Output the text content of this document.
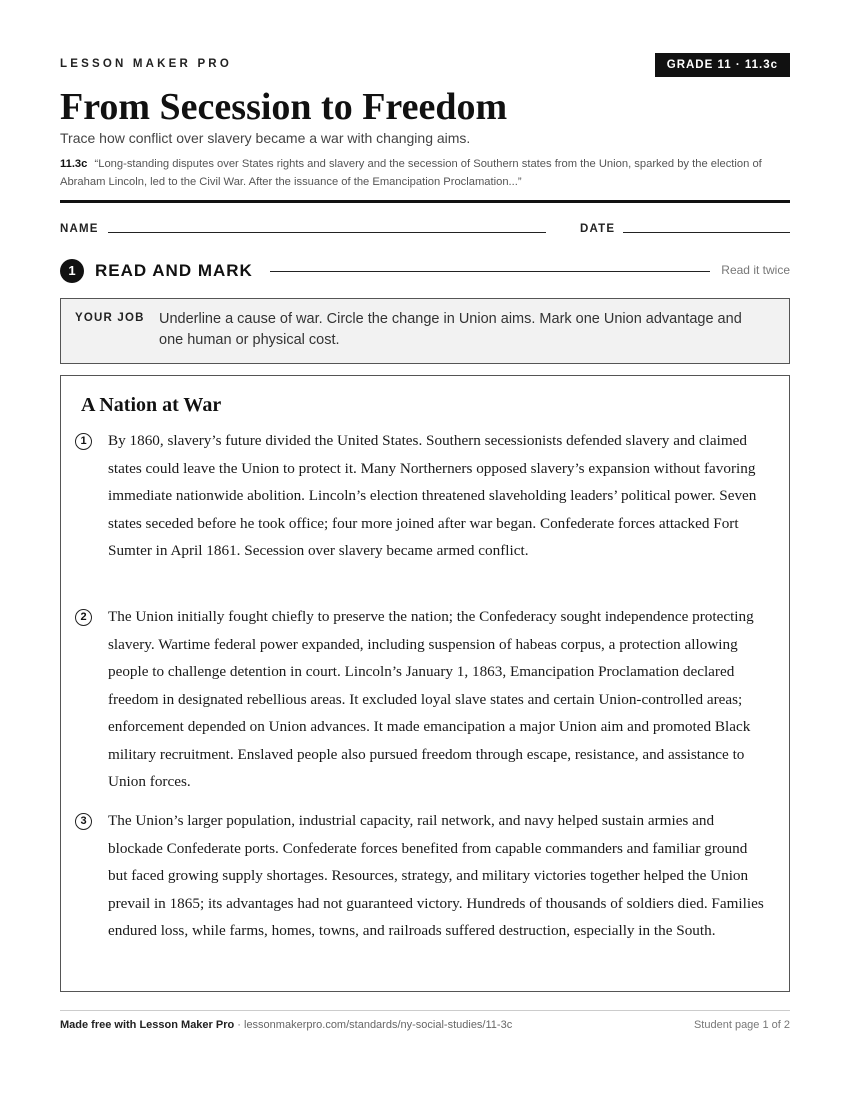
LESSON MAKER PRO	GRADE 11 · 11.3c
From Secession to Freedom
Trace how conflict over slavery became a war with changing aims.
11.3c “Long-standing disputes over States rights and slavery and the secession of Southern states from the Union, sparked by the election of Abraham Lincoln, led to the Civil War. After the issuance of the Emancipation Proclamation...”
NAME	DATE
1	READ AND MARK	Read it twice
YOUR JOB Underline a cause of war. Circle the change in Union aims. Mark one Union advantage and one human or physical cost.
A Nation at War
1	By 1860, slavery’s future divided the United States. Southern secessionists defended slavery and claimed states could leave the Union to protect it. Many Northerners opposed slavery’s expansion without favoring immediate nationwide abolition. Lincoln’s election threatened slaveholding leaders’ political power. Seven states seceded before he took office; four more joined after war began. Confederate forces attacked Fort Sumter in April 1861. Secession over slavery became armed conflict.

2	The Union initially fought chiefly to preserve the nation; the Confederacy sought independence protecting slavery. Wartime federal power expanded, including suspension of habeas corpus, a protection allowing people to challenge detention in court. Lincoln’s January 1, 1863, Emancipation Proclamation declared freedom in designated rebellious areas. It excluded loyal slave states and certain Union-controlled areas; enforcement depended on Union advances. It made emancipation a major Union aim and promoted Black military recruitment. Enslaved people also pursued freedom through escape, resistance, and assistance to Union forces.

3	The Union’s larger population, industrial capacity, rail network, and navy helped sustain armies and blockade Confederate ports. Confederate forces benefited from capable commanders and familiar ground but faced growing supply shortages. Resources, strategy, and military victories together helped the Union prevail in 1865; its advantages had not guaranteed victory. Hundreds of thousands of soldiers died. Families endured loss, while farms, homes, towns, and railroads suffered destruction, especially in the South.

Made free with Lesson Maker Pro · lessonmakerpro.com/standards/ny-social-studies/11-3c	Student page 1 of 2
